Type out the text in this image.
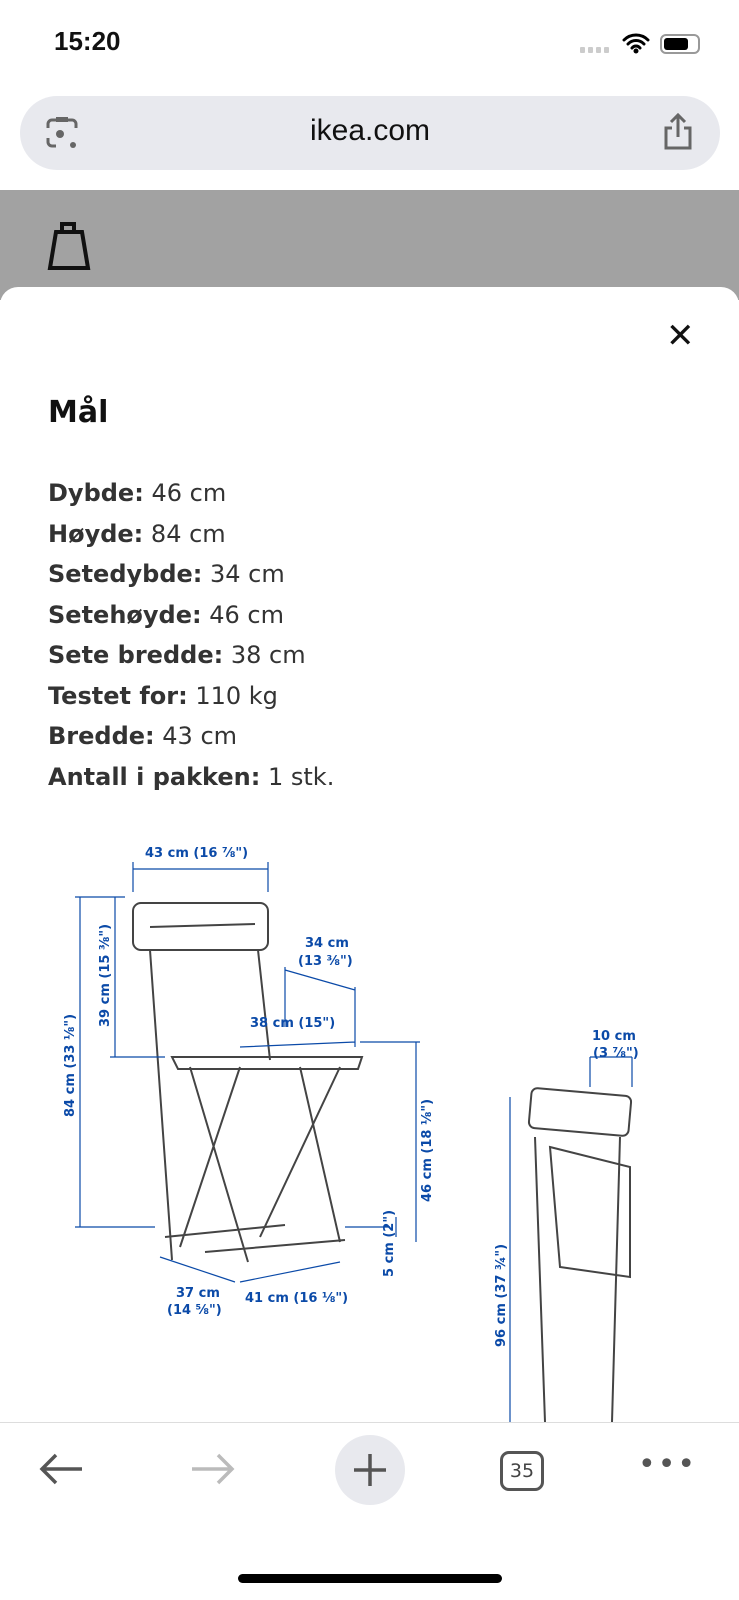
15:20
ikea.com
✕
Mål
Dybde: 46 cm
Høyde: 84 cm
Setedybde: 34 cm
Setehøyde: 46 cm
Sete bredde: 38 cm
Testet for: 110 kg
Bredde: 43 cm
Antall i pakken: 1 stk.
43 cm (16 ⅞")
84 cm (33 ⅛")
39 cm (15 ⅜")	34 cm
(13 ⅜")
38 cm (15")
46 cm (18 ⅛")
5 cm (2")
37 cm
(14 ⅝")
41 cm (16 ⅛")
10 cm
(3 ⅞")
96 cm (37 ¾")
35	•••
